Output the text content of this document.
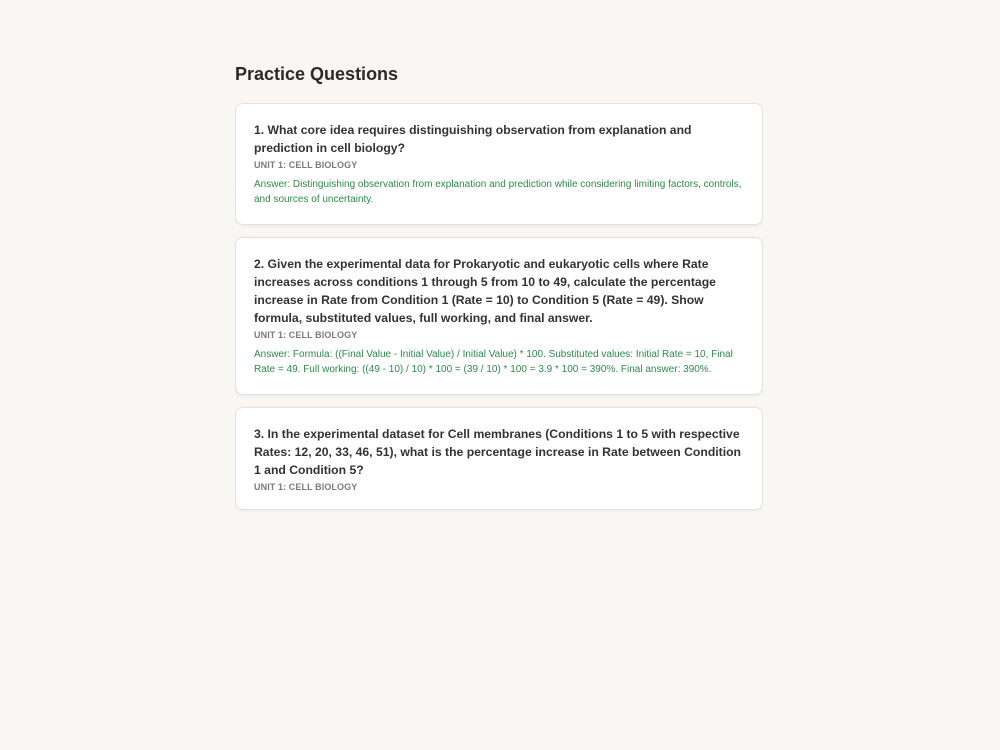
Practice Questions
1. What core idea requires distinguishing observation from explanation and prediction in cell biology?
UNIT 1: CELL BIOLOGY
Answer: Distinguishing observation from explanation and prediction while considering limiting factors, controls, and sources of uncertainty.
2. Given the experimental data for Prokaryotic and eukaryotic cells where Rate increases across conditions 1 through 5 from 10 to 49, calculate the percentage increase in Rate from Condition 1 (Rate = 10) to Condition 5 (Rate = 49). Show formula, substituted values, full working, and final answer.
UNIT 1: CELL BIOLOGY
Answer: Formula: ((Final Value - Initial Value) / Initial Value) * 100. Substituted values: Initial Rate = 10, Final Rate = 49. Full working: ((49 - 10) / 10) * 100 = (39 / 10) * 100 = 3.9 * 100 = 390%. Final answer: 390%.
3. In the experimental dataset for Cell membranes (Conditions 1 to 5 with respective Rates: 12, 20, 33, 46, 51), what is the percentage increase in Rate between Condition 1 and Condition 5?
UNIT 1: CELL BIOLOGY
